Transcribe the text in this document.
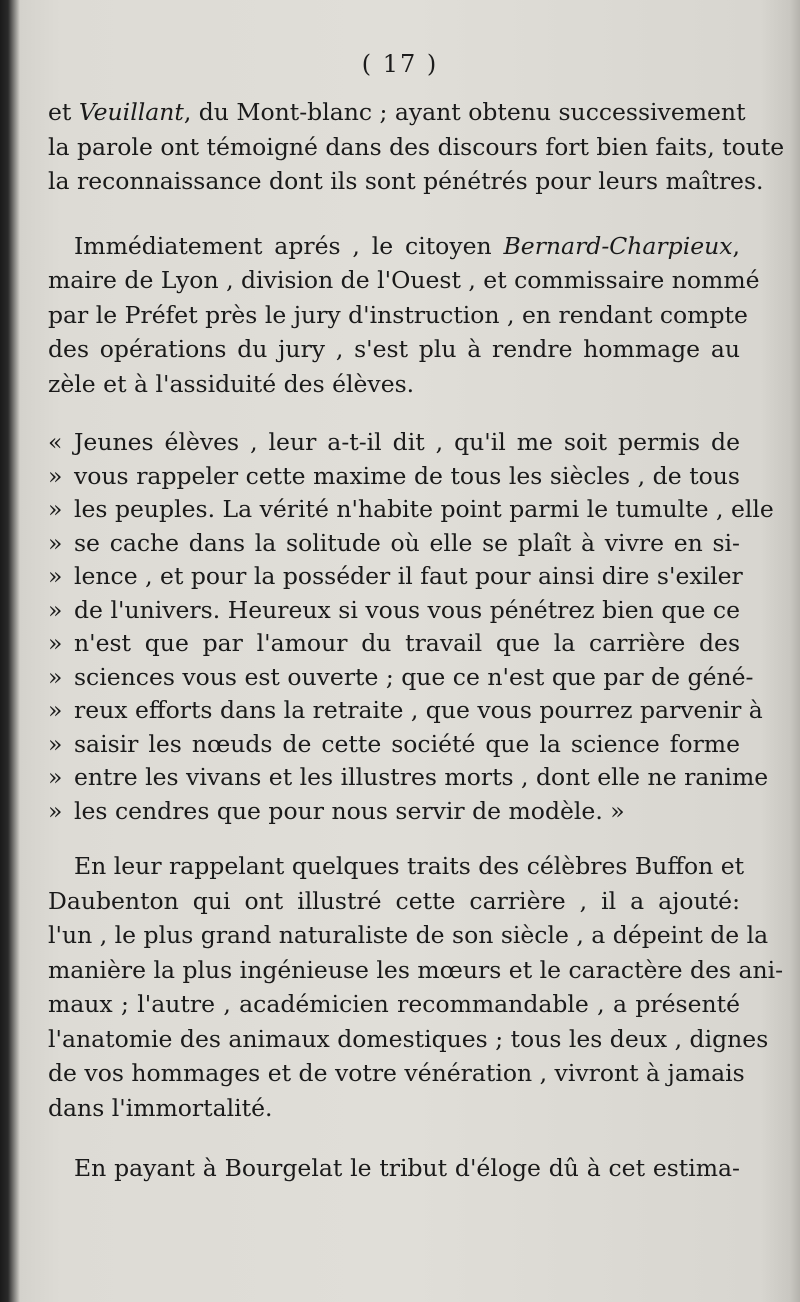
( 17 )
et Veuillant, du Mont-blanc ; ayant obtenu successivement
la parole ont témoigné dans des discours fort bien faits, toute
la reconnaissance dont ils sont pénétrés pour leurs maîtres.
Immédiatement aprés , le citoyen Bernard-Charpieux,
maire de Lyon , division de l'Ouest , et commissaire nommé
par le Préfet près le jury d'instruction , en rendant compte
des opérations du jury , s'est plu à rendre hommage au
zèle et à l'assiduité des élèves.
« Jeunes élèves , leur a-t-il dit , qu'il me soit permis de
» vous rappeler cette maxime de tous les siècles , de tous
» les peuples. La vérité n'habite point parmi le tumulte , elle
» se cache dans la solitude où elle se plaît à vivre en si-
» lence , et pour la posséder il faut pour ainsi dire s'exiler
» de l'univers. Heureux si vous vous pénétrez bien que ce
» n'est que par l'amour du travail que la carrière des
» sciences vous est ouverte ; que ce n'est que par de géné-
» reux efforts dans la retraite , que vous pourrez parvenir à
» saisir les nœuds de cette société que la science forme
» entre les vivans et les illustres morts , dont elle ne ranime
» les cendres que pour nous servir de modèle. »
En leur rappelant quelques traits des célèbres Buffon et
Daubenton qui ont illustré cette carrière , il a ajouté:
l'un , le plus grand naturaliste de son siècle , a dépeint de la
manière la plus ingénieuse les mœurs et le caractère des ani-
maux ; l'autre , académicien recommandable , a présenté
l'anatomie des animaux domestiques ; tous les deux , dignes
de vos hommages et de votre vénération , vivront à jamais
dans l'immortalité.
En payant à Bourgelat le tribut d'éloge dû à cet estima-
